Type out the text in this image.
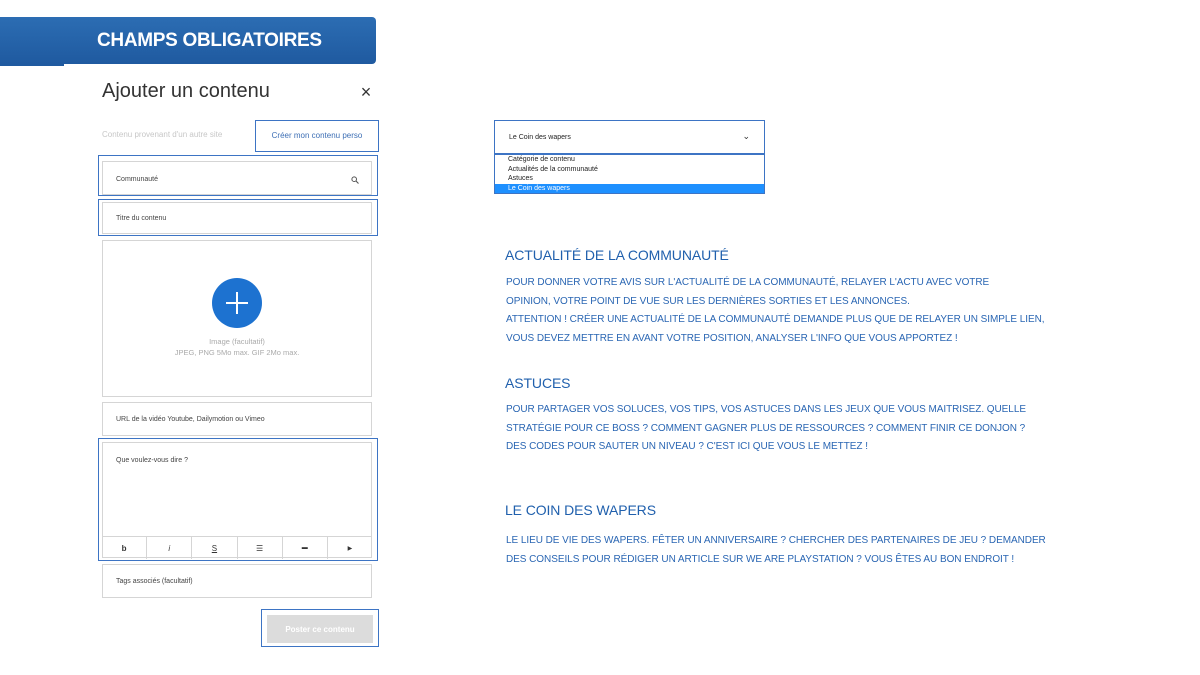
CHAMPS OBLIGATOIRES
Ajouter un contenu	×
Contenu provenant d'un autre site	Créer mon contenu perso
Communauté
Titre du contenu
Image (facultatif)
JPEG, PNG 5Mo max. GIF 2Mo max.
URL de la vidéo Youtube, Dailymotion ou Vimeo
Que voulez-vous dire ?
b	i	S	☰	▬	▶
Tags associés (facultatif)
Poster ce contenu
Le Coin des wapers	⌄
Catégorie de contenu
Actualités de la communauté
Astuces
Le Coin des wapers
ACTUALITÉ DE LA COMMUNAUTÉ
POUR DONNER VOTRE AVIS SUR L'ACTUALITÉ DE LA COMMUNAUTÉ, RELAYER L'ACTU AVEC VOTRE
OPINION, VOTRE POINT DE VUE SUR LES DERNIÈRES SORTIES ET LES ANNONCES.
ATTENTION ! CRÉER UNE ACTUALITÉ DE LA COMMUNAUTÉ DEMANDE PLUS QUE DE RELAYER UN SIMPLE LIEN,
VOUS DEVEZ METTRE EN AVANT VOTRE POSITION, ANALYSER L'INFO QUE VOUS APPORTEZ !
ASTUCES
POUR PARTAGER VOS SOLUCES, VOS TIPS, VOS ASTUCES DANS LES JEUX QUE VOUS MAITRISEZ. QUELLE
STRATÉGIE POUR CE BOSS ? COMMENT GAGNER PLUS DE RESSOURCES ? COMMENT FINIR CE DONJON ?
DES CODES POUR SAUTER UN NIVEAU ? C'EST ICI QUE VOUS LE METTEZ !
LE COIN DES WAPERS
LE LIEU DE VIE DES WAPERS. FÊTER UN ANNIVERSAIRE ? CHERCHER DES PARTENAIRES DE JEU ? DEMANDER
DES CONSEILS POUR RÉDIGER UN ARTICLE SUR WE ARE PLAYSTATION ? VOUS ÊTES AU BON ENDROIT !
